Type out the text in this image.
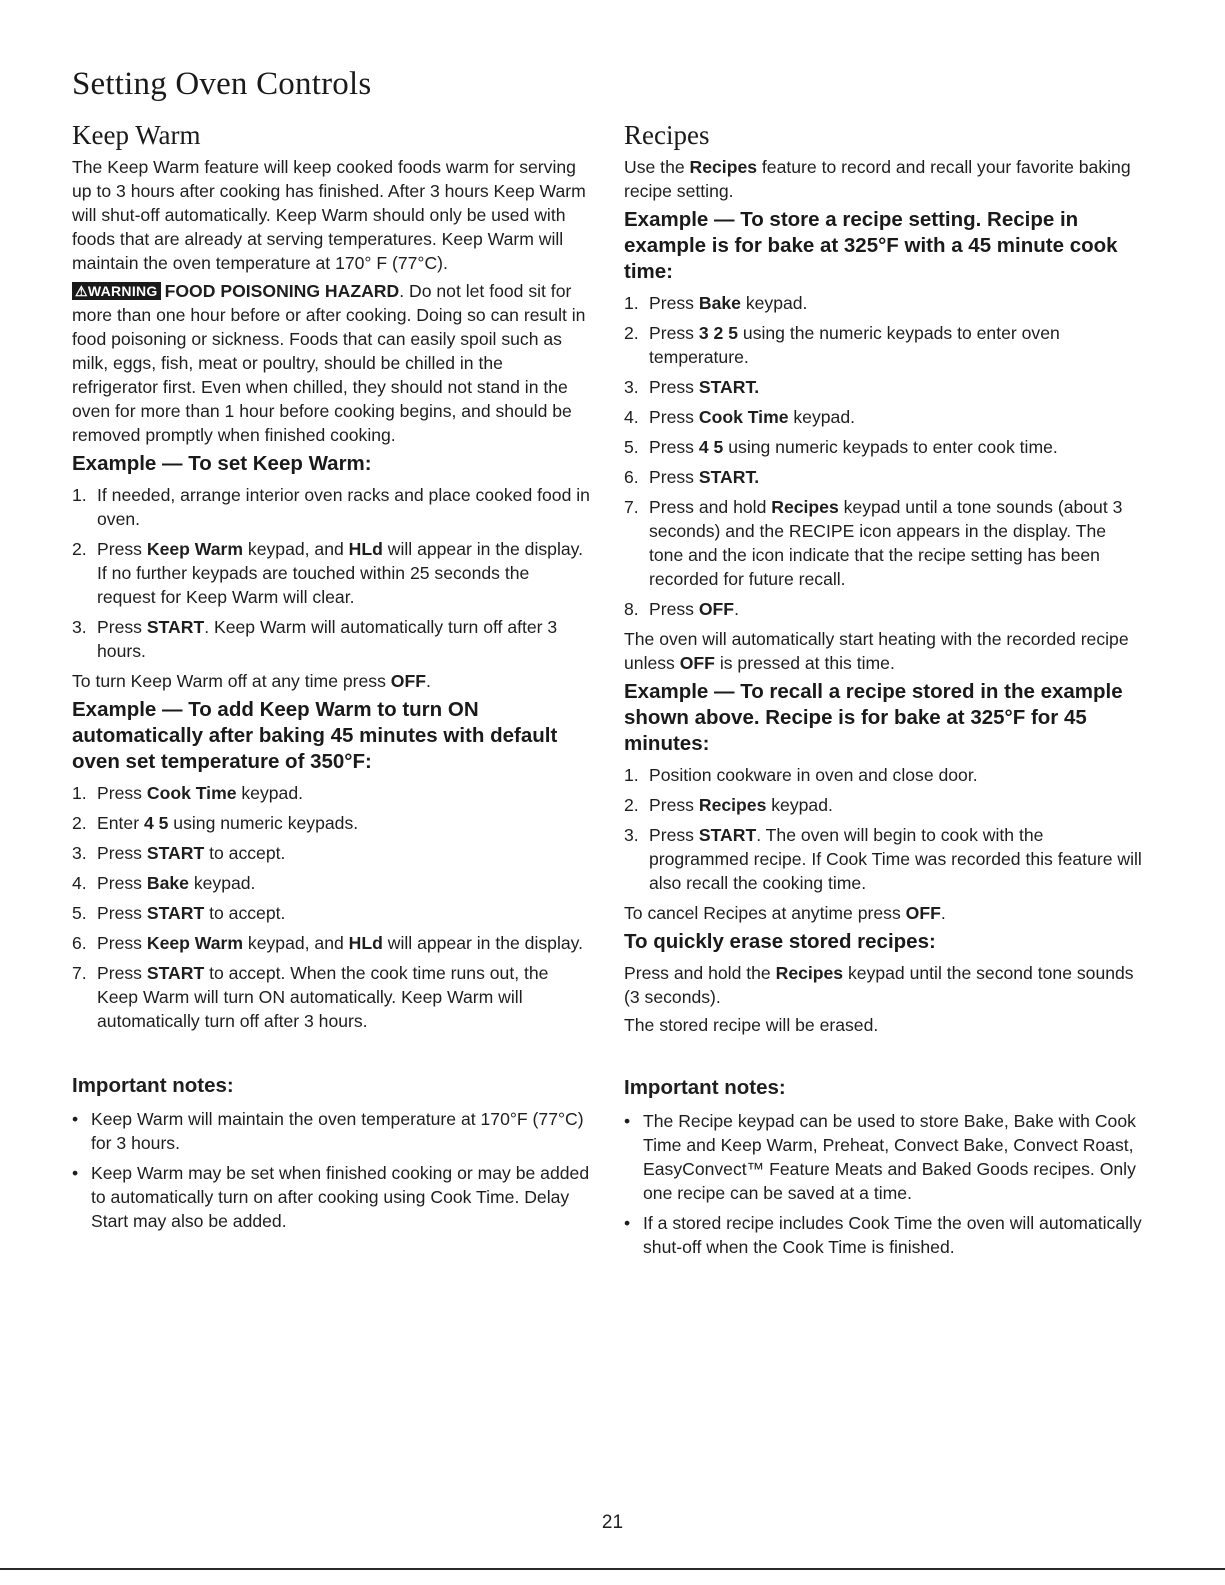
Setting Oven Controls
Keep Warm

The Keep Warm feature will keep cooked foods warm for serving up to 3 hours after cooking has finished. After 3 hours Keep Warm will shut-off automatically. Keep Warm should only be used with foods that are already at serving temperatures. Keep Warm will maintain the oven temperature at 170° F (77°C).

⚠WARNING FOOD POISONING HAZARD. Do not let food sit for more than one hour before or after cooking. Doing so can result in food poisoning or sickness. Foods that can easily spoil such as milk, eggs, fish, meat or poultry, should be chilled in the refrigerator first. Even when chilled, they should not stand in the oven for more than 1 hour before cooking begins, and should be removed promptly when finished cooking.

Example — To set Keep Warm:
1. If needed, arrange interior oven racks and place cooked food in oven.
2. Press Keep Warm keypad, and HLd will appear in the display. If no further keypads are touched within 25 seconds the request for Keep Warm will clear.
3. Press START. Keep Warm will automatically turn off after 3 hours.

To turn Keep Warm off at any time press OFF.

Example — To add Keep Warm to turn ON automatically after baking 45 minutes with default oven set temperature of 350°F:
1. Press Cook Time keypad.
2. Enter 4 5 using numeric keypads.
3. Press START to accept.
4. Press Bake keypad.
5. Press START to accept.
6. Press Keep Warm keypad, and HLd will appear in the display.
7. Press START to accept. When the cook time runs out, the Keep Warm will turn ON automatically. Keep Warm will automatically turn off after 3 hours.
Important notes:
• Keep Warm will maintain the oven temperature at 170°F (77°C) for 3 hours.
• Keep Warm may be set when finished cooking or may be added to automatically turn on after cooking using Cook Time. Delay Start may also be added.
Recipes

Use the Recipes feature to record and recall your favorite baking recipe setting.

Example — To store a recipe setting. Recipe in example is for bake at 325°F with a 45 minute cook time:
1. Press Bake keypad.
2. Press 3 2 5 using the numeric keypads to enter oven temperature.
3. Press START.
4. Press Cook Time keypad.
5. Press 4 5 using numeric keypads to enter cook time.
6. Press START.
7. Press and hold Recipes keypad until a tone sounds (about 3 seconds) and the RECIPE icon appears in the display. The tone and the icon indicate that the recipe setting has been recorded for future recall.
8. Press OFF.

The oven will automatically start heating with the recorded recipe unless OFF is pressed at this time.

Example — To recall a recipe stored in the example shown above. Recipe is for bake at 325°F for 45 minutes:
1. Position cookware in oven and close door.
2. Press Recipes keypad.
3. Press START. The oven will begin to cook with the programmed recipe. If Cook Time was recorded this feature will also recall the cooking time.

To cancel Recipes at anytime press OFF.

To quickly erase stored recipes:

Press and hold the Recipes keypad until the second tone sounds (3 seconds).

The stored recipe will be erased.

Important notes:
• The Recipe keypad can be used to store Bake, Bake with Cook Time and Keep Warm, Preheat, Convect Bake, Convect Roast, EasyConvect™ Feature Meats and Baked Goods recipes. Only one recipe can be saved at a time.
• If a stored recipe includes Cook Time the oven will automatically shut-off when the Cook Time is finished.
21
